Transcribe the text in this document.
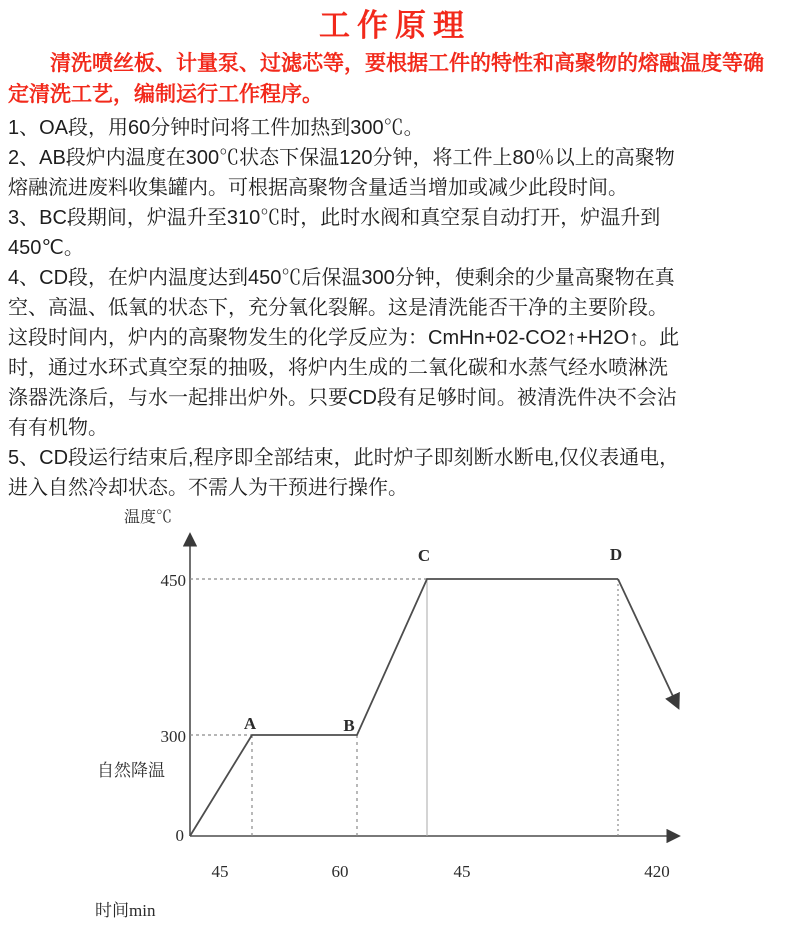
工作原理

清洗喷丝板、计量泵、过滤芯等，要根据工件的特性和高聚物的熔融温度等确定清洗工艺，编制运行工作程序。

1、OA段，用60分钟时问将工件加热到300℃。
2、AB段炉内温度在300℃状态下保温120分钟，将工件上80％以上的高聚物
熔融流进废料收集罐内。可根据高聚物含量适当增加或减少此段时间。
3、BC段期间，炉温升至310℃时，此时水阀和真空泵自动打开，炉温升到
450℃。
4、CD段，在炉内温度达到450℃后保温300分钟，使剩余的少量高聚物在真
空、高温、低氧的状态下，充分氧化裂解。这是清洗能否干净的主要阶段。
这段时间内，炉内的高聚物发生的化学反应为：CmHn+02-CO2↑+H2O↑。此
时，通过水环式真空泵的抽吸，将炉内生成的二氧化碳和水蒸气经水喷淋洗
涤器洗涤后，与水一起排出炉外。只要CD段有足够时间。被清洗件决不会沾
有有机物。
5、CD段运行结束后,程序即全部结束，此时炉子即刻断水断电,仅仪表通电，
进入自然冷却状态。不需人为干预进行操作。
温度℃
450
300
0
A	B
C	D
45	60	45	420
自然降温
时间min
